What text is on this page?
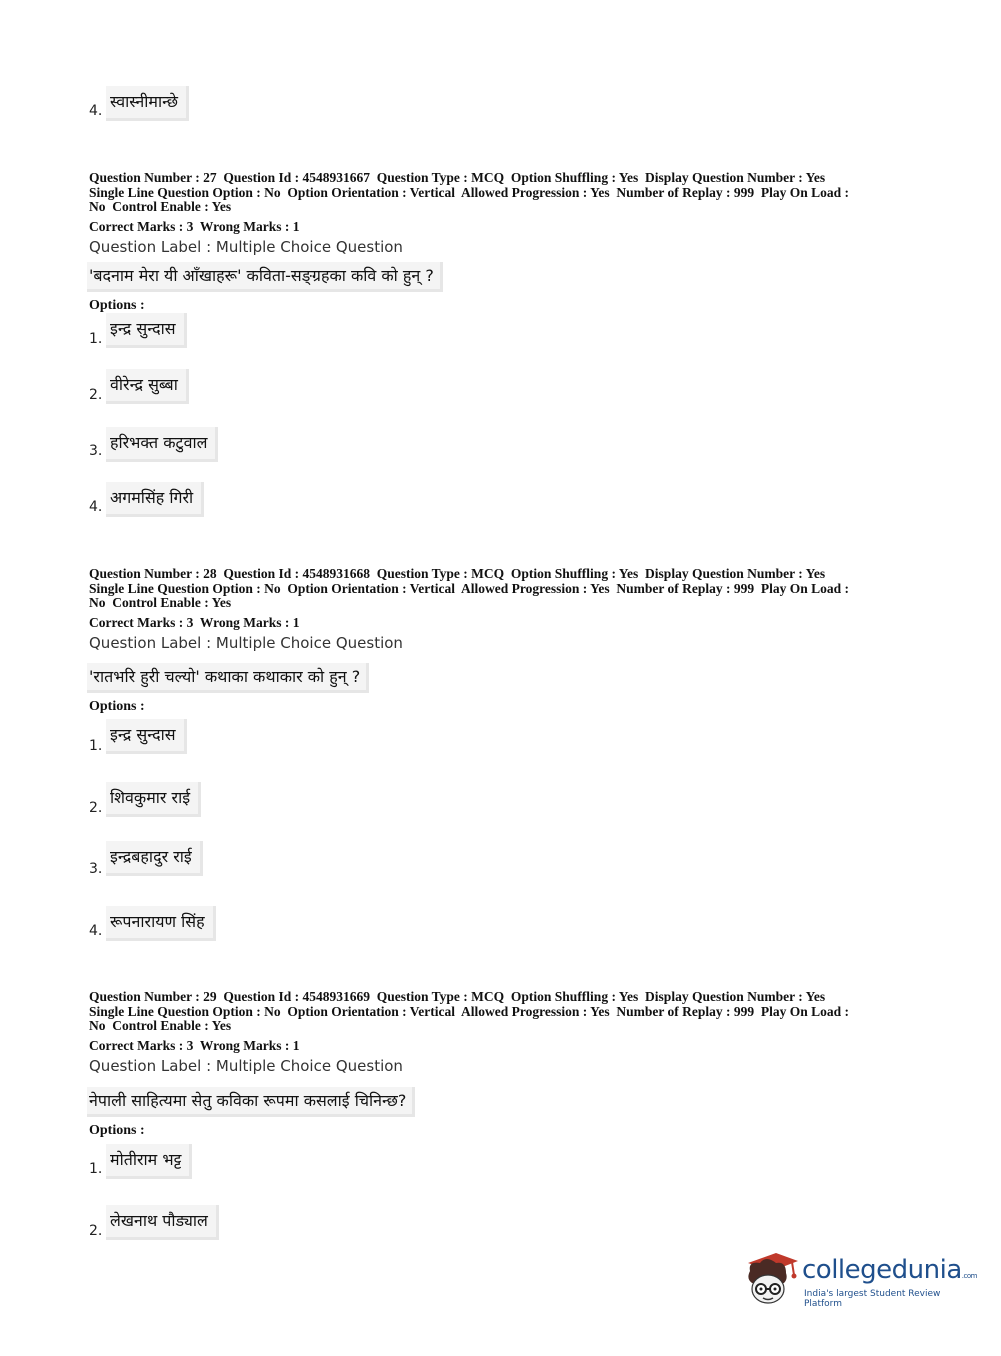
4. स्वास्नीमान्छे
Question Number : 27  Question Id : 4548931667  Question Type : MCQ  Option Shuffling : Yes  Display Question Number : Yes
Single Line Question Option : No  Option Orientation : Vertical  Allowed Progression : Yes  Number of Replay : 999  Play On Load :
No  Control Enable : Yes
Correct Marks : 3  Wrong Marks : 1
Question Label : Multiple Choice Question
'बदनाम मेरा यी आँखाहरू' कविता-सङ्ग्रहका कवि को हुन् ?
Options :
1.
इन्द्र सुन्दास
2.
वीरेन्द्र सुब्बा
3. हरिभक्त कटुवाल
4. अगमसिंह गिरी
Question Number : 28  Question Id : 4548931668  Question Type : MCQ  Option Shuffling : Yes  Display Question Number : Yes
Single Line Question Option : No  Option Orientation : Vertical  Allowed Progression : Yes  Number of Replay : 999  Play On Load :
No  Control Enable : Yes
Correct Marks : 3  Wrong Marks : 1
Question Label : Multiple Choice Question
'रातभरि हुरी चल्यो' कथाका कथाकार को हुन् ?
Options :
1.
इन्द्र सुन्दास
2.
शिवकुमार राई
3.
इन्द्रबहादुर राई
4. रूपनारायण सिंह
Question Number : 29  Question Id : 4548931669  Question Type : MCQ  Option Shuffling : Yes  Display Question Number : Yes
Single Line Question Option : No  Option Orientation : Vertical  Allowed Progression : Yes  Number of Replay : 999  Play On Load :
No  Control Enable : Yes
Correct Marks : 3  Wrong Marks : 1
Question Label : Multiple Choice Question
नेपाली साहित्यमा सेतु कविका रूपमा कसलाई चिनिन्छ?
Options :
1. मोतीराम भट्ट
2.
लेखनाथ पौड्याल
collegedunia.com
India's largest Student Review Platform
